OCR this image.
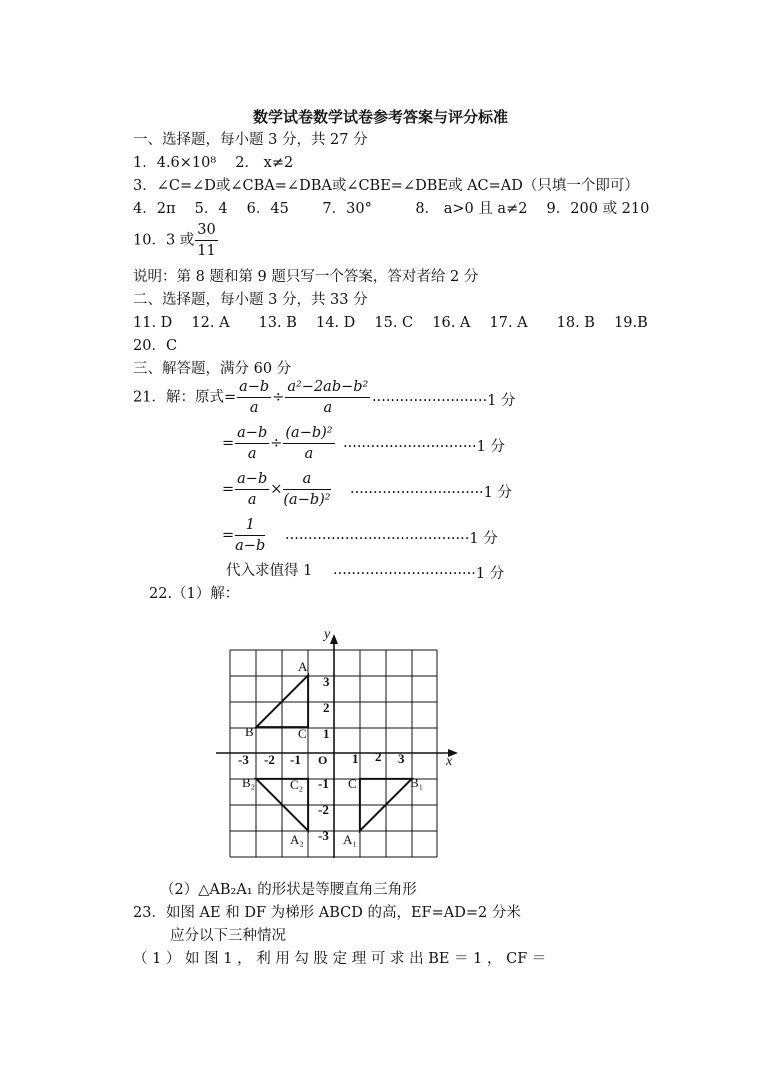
数学试卷数学试卷参考答案与评分标准
一、选择题，每小题 3 分，共 27 分
1．4.6×10⁸　 2． x≠2
3．∠C=∠D或∠CBA=∠DBA或∠CBE=∠DBE或 AC=AD（只填一个即可）
4．2π　 5．4　 6．45　　 7．30°　　　8． a>0 且 a≠2　 9．200 或 210
10．3 或 $\frac{30}{11}$
说明：第 8 题和第 9 题只写一个答案，答对者给 2 分
二、选择题，每小题 3 分，共 33 分
11. D　 12. A　　13. B　 14. D　 15. C　 16. A　 17. A　　18. B　 19.B
20．C
三、解答题，满分 60 分
21．解：原式= $\frac{a-b}{a} \div \frac{\text{a²−2ab−b²}}{a} \cdot\cdot\cdot\cdot\cdot\cdot\cdot\cdot\cdot\cdot\cdot\cdot\cdot\cdot\cdot\cdot\cdot\cdot\cdot\cdot\cdot\cdot\cdot\cdot\cdot 1$ 分
= $\frac{a-b}{a} \div \frac{\text{(a−b)²}}{a} \cdot\cdot\cdot\cdot\cdot\cdot\cdot\cdot\cdot\cdot\cdot\cdot\cdot\cdot\cdot\cdot\cdot\cdot\cdot\cdot\cdot\cdot\cdot\cdot\cdot\cdot\cdot\cdot\cdot 1$ 分
= $\frac{a-b}{a} \times \frac{a}{\text{(a−b)²}} \cdot\cdot\cdot\cdot\cdot\cdot\cdot\cdot\cdot\cdot\cdot\cdot\cdot\cdot\cdot\cdot\cdot\cdot\cdot\cdot\cdot\cdot\cdot\cdot\cdot\cdot\cdot\cdot\cdot 1$ 分
= $\frac{1}{a-b} \cdot\cdot\cdot\cdot\cdot\cdot\cdot\cdot\cdot\cdot\cdot\cdot\cdot\cdot\cdot\cdot\cdot\cdot\cdot\cdot\cdot\cdot\cdot\cdot\cdot\cdot\cdot\cdot\cdot\cdot\cdot\cdot\cdot\cdot\cdot\cdot\cdot\cdot\cdot\cdot 1$ 分
代入求值得 1 ·······························1 分
22.（1）解：
x
y
-3 -2 -1 O 1 2 3
3
2
1
-1
-2
-3
A
B	C
B₂	C₂
A₂
C
A₁
B₁
（2）△AB₂A₁ 的形状是等腰直角三角形
23．如图 AE 和 DF 为梯形 ABCD 的高，EF=AD=2 分米
应分以下三种情况
（ 1 ） 如 图 1 ， 利 用 勾 股 定 理 可 求 出 BE ＝ 1 ， CF ＝
